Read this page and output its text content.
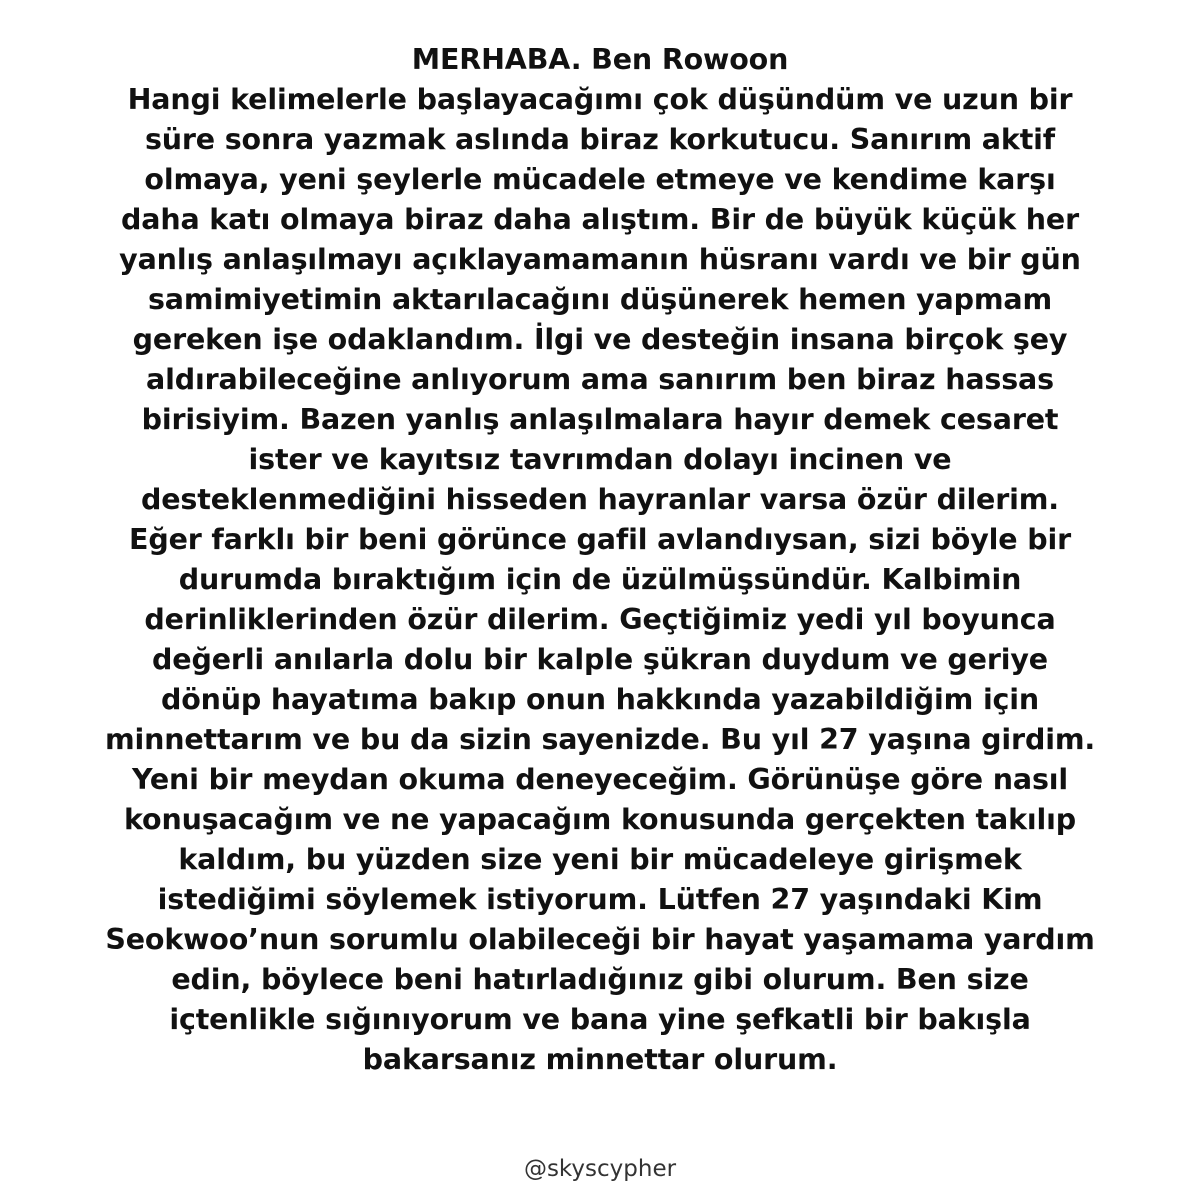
MERHABA. Ben Rowoon
Hangi kelimelerle başlayacağımı çok düşündüm ve uzun bir
süre sonra yazmak aslında biraz korkutucu. Sanırım aktif
olmaya, yeni şeylerle mücadele etmeye ve kendime karşı
daha katı olmaya biraz daha alıştım. Bir de büyük küçük her
yanlış anlaşılmayı açıklayamamanın hüsranı vardı ve bir gün
samimiyetimin aktarılacağını düşünerek hemen yapmam
gereken işe odaklandım. İlgi ve desteğin insana birçok şey
aldırabileceğine anlıyorum ama sanırım ben biraz hassas
birisiyim. Bazen yanlış anlaşılmalara hayır demek cesaret
ister ve kayıtsız tavrımdan dolayı incinen ve
desteklenmediğini hisseden hayranlar varsa özür dilerim.
Eğer farklı bir beni görünce gafil avlandıysan, sizi böyle bir
durumda bıraktığım için de üzülmüşsündür. Kalbimin
derinliklerinden özür dilerim. Geçtiğimiz yedi yıl boyunca
değerli anılarla dolu bir kalple şükran duydum ve geriye
dönüp hayatıma bakıp onun hakkında yazabildiğim için
minnettarım ve bu da sizin sayenizde. Bu yıl 27 yaşına girdim.
Yeni bir meydan okuma deneyeceğim. Görünüşe göre nasıl
konuşacağım ve ne yapacağım konusunda gerçekten takılıp
kaldım, bu yüzden size yeni bir mücadeleye girişmek
istediğimi söylemek istiyorum. Lütfen 27 yaşındaki Kim
Seokwoo’nun sorumlu olabileceği bir hayat yaşamama yardım
edin, böylece beni hatırladığınız gibi olurum. Ben size
içtenlikle sığınıyorum ve bana yine şefkatli bir bakışla
bakarsanız minnettar olurum.
@skyscypher
